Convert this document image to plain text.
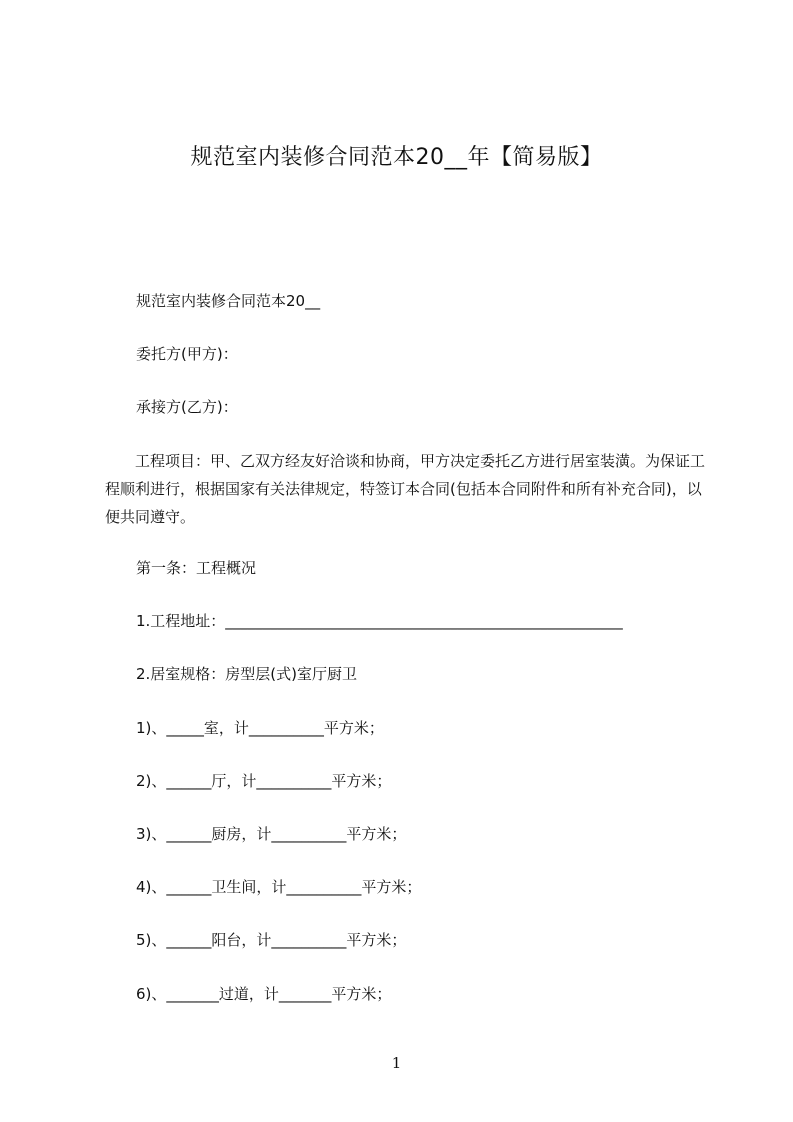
规范室内装修合同范本20__年【简易版】
规范室内装修合同范本20__
委托方(甲方)：
承接方(乙方)：
工程项目：甲、乙双方经友好洽谈和协商，甲方决定委托乙方进行居室装潢。为保证工程顺利进行，根据国家有关法律规定，特签订本合同(包括本合同附件和所有补充合同)，以便共同遵守。
第一条：工程概况
1.工程地址：_____________________________________________________
2.居室规格：房型层(式)室厅厨卫
1)、_____室，计__________平方米；
2)、______厅，计__________平方米；
3)、______厨房，计__________平方米；
4)、______卫生间，计__________平方米；
5)、______阳台，计__________平方米；
6)、_______过道，计_______平方米；
1
